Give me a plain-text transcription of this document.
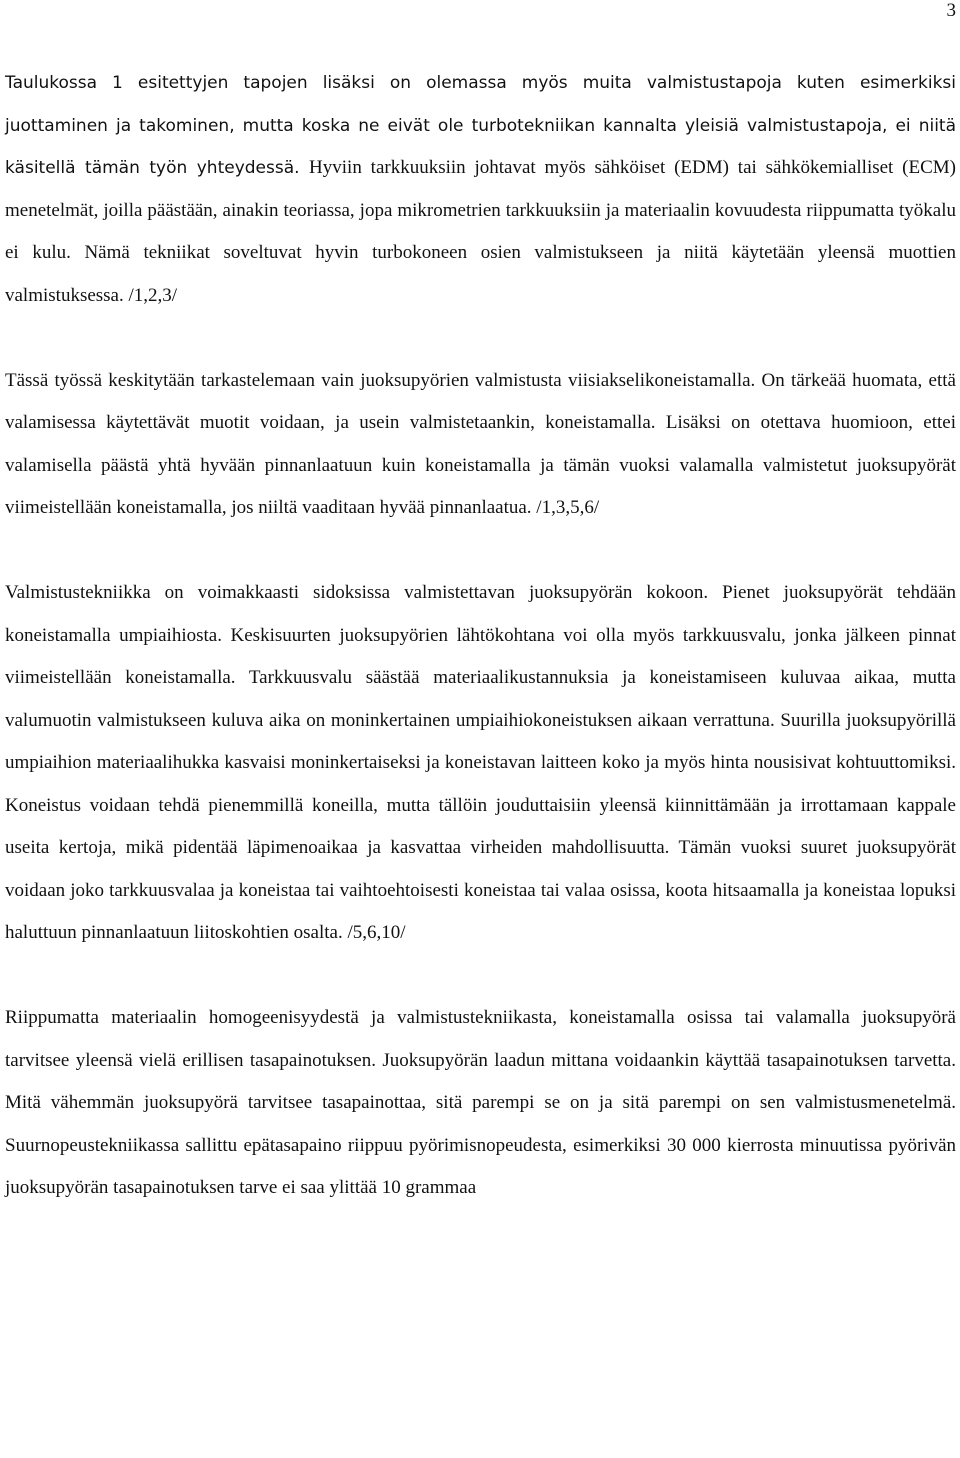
3

Taulukossa 1 esitettyjen tapojen lisäksi on olemassa myös muita valmistustapoja kuten esimerkiksi juottaminen ja takominen, mutta koska ne eivät ole turbotekniikan kannalta yleisiä valmistustapoja, ei niitä käsitellä tämän työn yhteydessä. Hyviin tarkkuuksiin johtavat myös sähköiset (EDM) tai sähkökemialliset (ECM) menetelmät, joilla päästään, ainakin teoriassa, jopa mikrometrien tarkkuuksiin ja materiaalin kovuudesta riippumatta työkalu ei kulu. Nämä tekniikat soveltuvat hyvin turbokoneen osien valmistukseen ja niitä käytetään yleensä muottien valmistuksessa. /1,2,3/

Tässä työssä keskitytään tarkastelemaan vain juoksupyörien valmistusta viisiakselikoneistamalla. On tärkeää huomata, että valamisessa käytettävät muotit voidaan, ja usein valmistetaankin, koneistamalla. Lisäksi on otettava huomioon, ettei valamisella päästä yhtä hyvään pinnanlaatuun kuin koneistamalla ja tämän vuoksi valamalla valmistetut juoksupyörät viimeistellään koneistamalla, jos niiltä vaaditaan hyvää pinnanlaatua. /1,3,5,6/

Valmistustekniikka on voimakkaasti sidoksissa valmistettavan juoksupyörän kokoon. Pienet juoksupyörät tehdään koneistamalla umpiaihiosta. Keskisuurten juoksupyörien lähtökohtana voi olla myös tarkkuusvalu, jonka jälkeen pinnat viimeistellään koneistamalla. Tarkkuusvalu säästää materiaalikustannuksia ja koneistamiseen kuluvaa aikaa, mutta valumuotin valmistukseen kuluva aika on moninkertainen umpiaihiokoneistuksen aikaan verrattuna. Suurilla juoksupyörillä umpiaihion materiaalihukka kasvaisi moninkertaiseksi ja koneistavan laitteen koko ja myös hinta nousisivat kohtuuttomiksi. Koneistus voidaan tehdä pienemmillä koneilla, mutta tällöin jouduttaisiin yleensä kiinnittämään ja irrottamaan kappale useita kertoja, mikä pidentää läpimenoaikaa ja kasvattaa virheiden mahdollisuutta. Tämän vuoksi suuret juoksupyörät voidaan joko tarkkuusvalaa ja koneistaa tai vaihtoehtoisesti koneistaa tai valaa osissa, koota hitsaamalla ja koneistaa lopuksi haluttuun pinnanlaatuun liitoskohtien osalta. /5,6,10/

Riippumatta materiaalin homogeenisyydestä ja valmistustekniikasta, koneistamalla osissa tai valamalla juoksupyörä tarvitsee yleensä vielä erillisen tasapainotuksen. Juoksupyörän laadun mittana voidaankin käyttää tasapainotuksen tarvetta. Mitä vähemmän juoksupyörä tarvitsee tasapainottaa, sitä parempi se on ja sitä parempi on sen valmistusmenetelmä. Suurnopeustekniikassa sallittu epätasapaino riippuu pyörimisnopeudesta, esimerkiksi 30 000 kierrosta minuutissa pyörivän juoksupyörän tasapainotuksen tarve ei saa ylittää 10 grammaa
